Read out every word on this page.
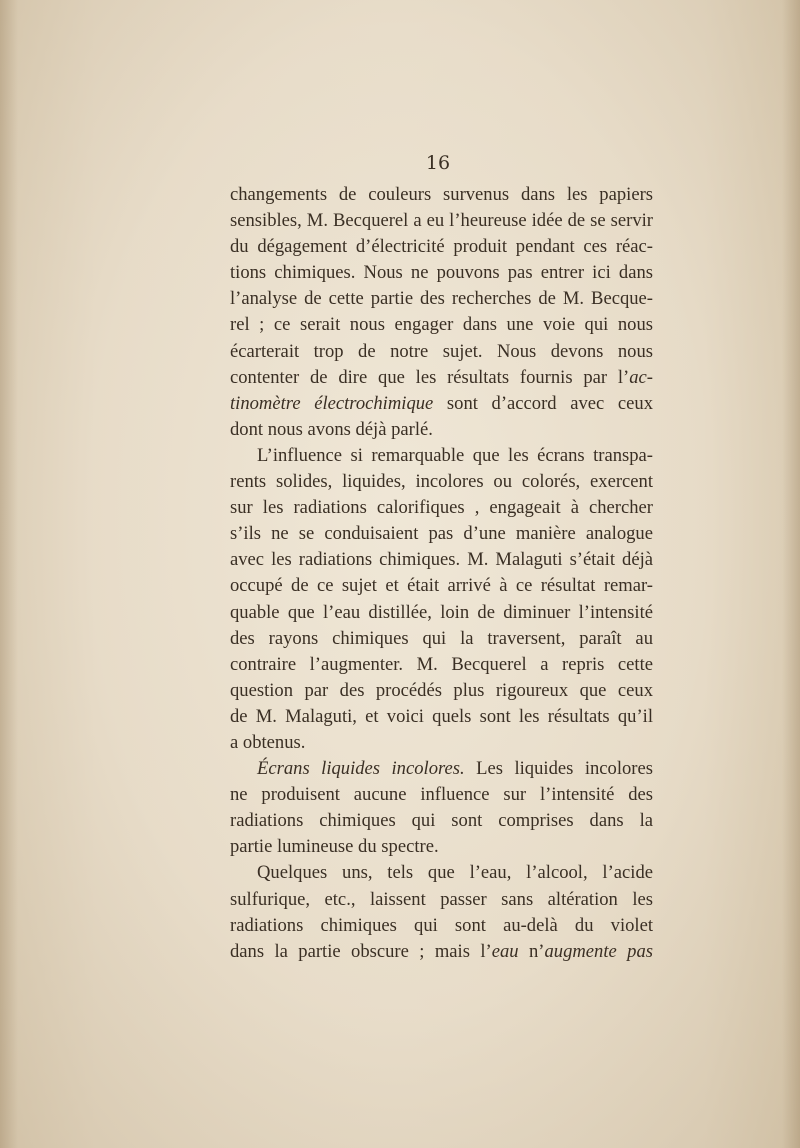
16
changements de couleurs survenus dans les papiers
sensibles, M. Becquerel a eu l’heureuse idée de se servir
du dégagement d’électricité produit pendant ces réac-
tions chimiques. Nous ne pouvons pas entrer ici dans
l’analyse de cette partie des recherches de M. Becque-
rel ; ce serait nous engager dans une voie qui nous
écarterait trop de notre sujet. Nous devons nous
contenter de dire que les résultats fournis par l’ac-
tinomètre électrochimique sont d’accord avec ceux
dont nous avons déjà parlé.
L’influence si remarquable que les écrans transpa-
rents solides, liquides, incolores ou colorés, exercent
sur les radiations calorifiques , engageait à chercher
s’ils ne se conduisaient pas d’une manière analogue
avec les radiations chimiques. M. Malaguti s’était déjà
occupé de ce sujet et était arrivé à ce résultat remar-
quable que l’eau distillée, loin de diminuer l’intensité
des rayons chimiques qui la traversent, paraît au
contraire l’augmenter. M. Becquerel a repris cette
question par des procédés plus rigoureux que ceux
de M. Malaguti, et voici quels sont les résultats qu’il
a obtenus.
Écrans liquides incolores. Les liquides incolores
ne produisent aucune influence sur l’intensité des
radiations chimiques qui sont comprises dans la
partie lumineuse du spectre.
Quelques uns, tels que l’eau, l’alcool, l’acide
sulfurique, etc., laissent passer sans altération les
radiations chimiques qui sont au-delà du violet
dans la partie obscure ; mais l’eau n’augmente pas
